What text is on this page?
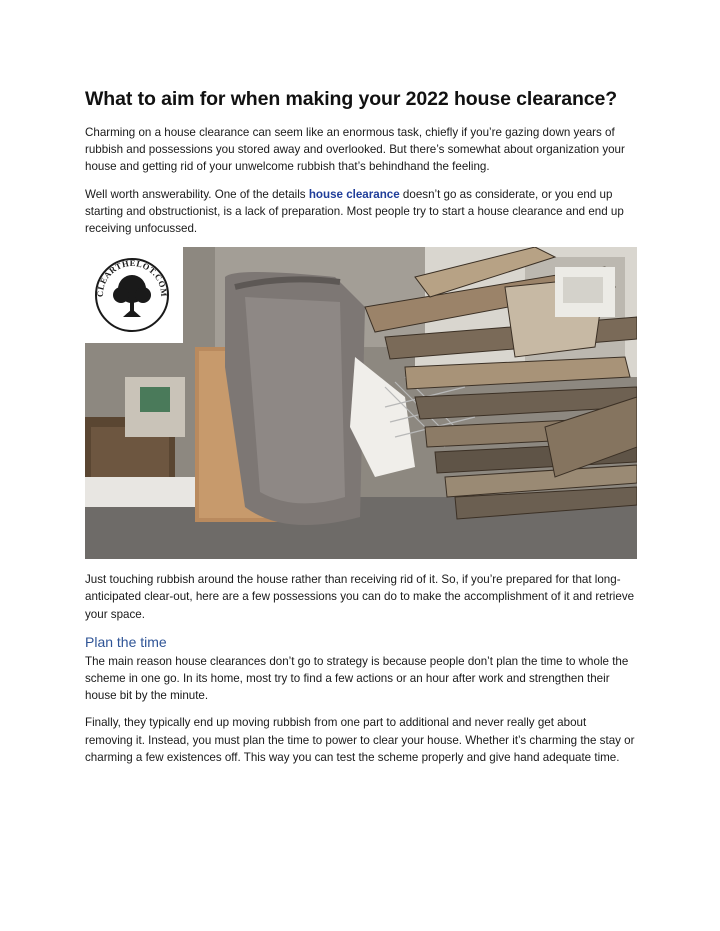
What to aim for when making your 2022 house clearance?

Charming on a house clearance can seem like an enormous task, chiefly if you’re gazing down years of rubbish and possessions you stored away and overlooked. But there’s somewhat about organization your house and getting rid of your unwelcome rubbish that’s behindhand the feeling.

Well worth answerability. One of the details house clearance doesn’t go as considerate, or you end up starting and obstructionist, is a lack of preparation. Most people try to start a house clearance and end up receiving unfocussed.

CLEARTHELOT.COM

Just touching rubbish around the house rather than receiving rid of it. So, if you’re prepared for that long-anticipated clear-out, here are a few possessions you can do to make the accomplishment of it and retrieve your space.

Plan the time

The main reason house clearances don’t go to strategy is because people don’t plan the time to whole the scheme in one go. In its home, most try to find a few actions or an hour after work and strengthen their house bit by the minute.

Finally, they typically end up moving rubbish from one part to additional and never really get about removing it. Instead, you must plan the time to power to clear your house. Whether it’s charming the stay or charming a few existences off. This way you can test the scheme properly and give hand adequate time.
